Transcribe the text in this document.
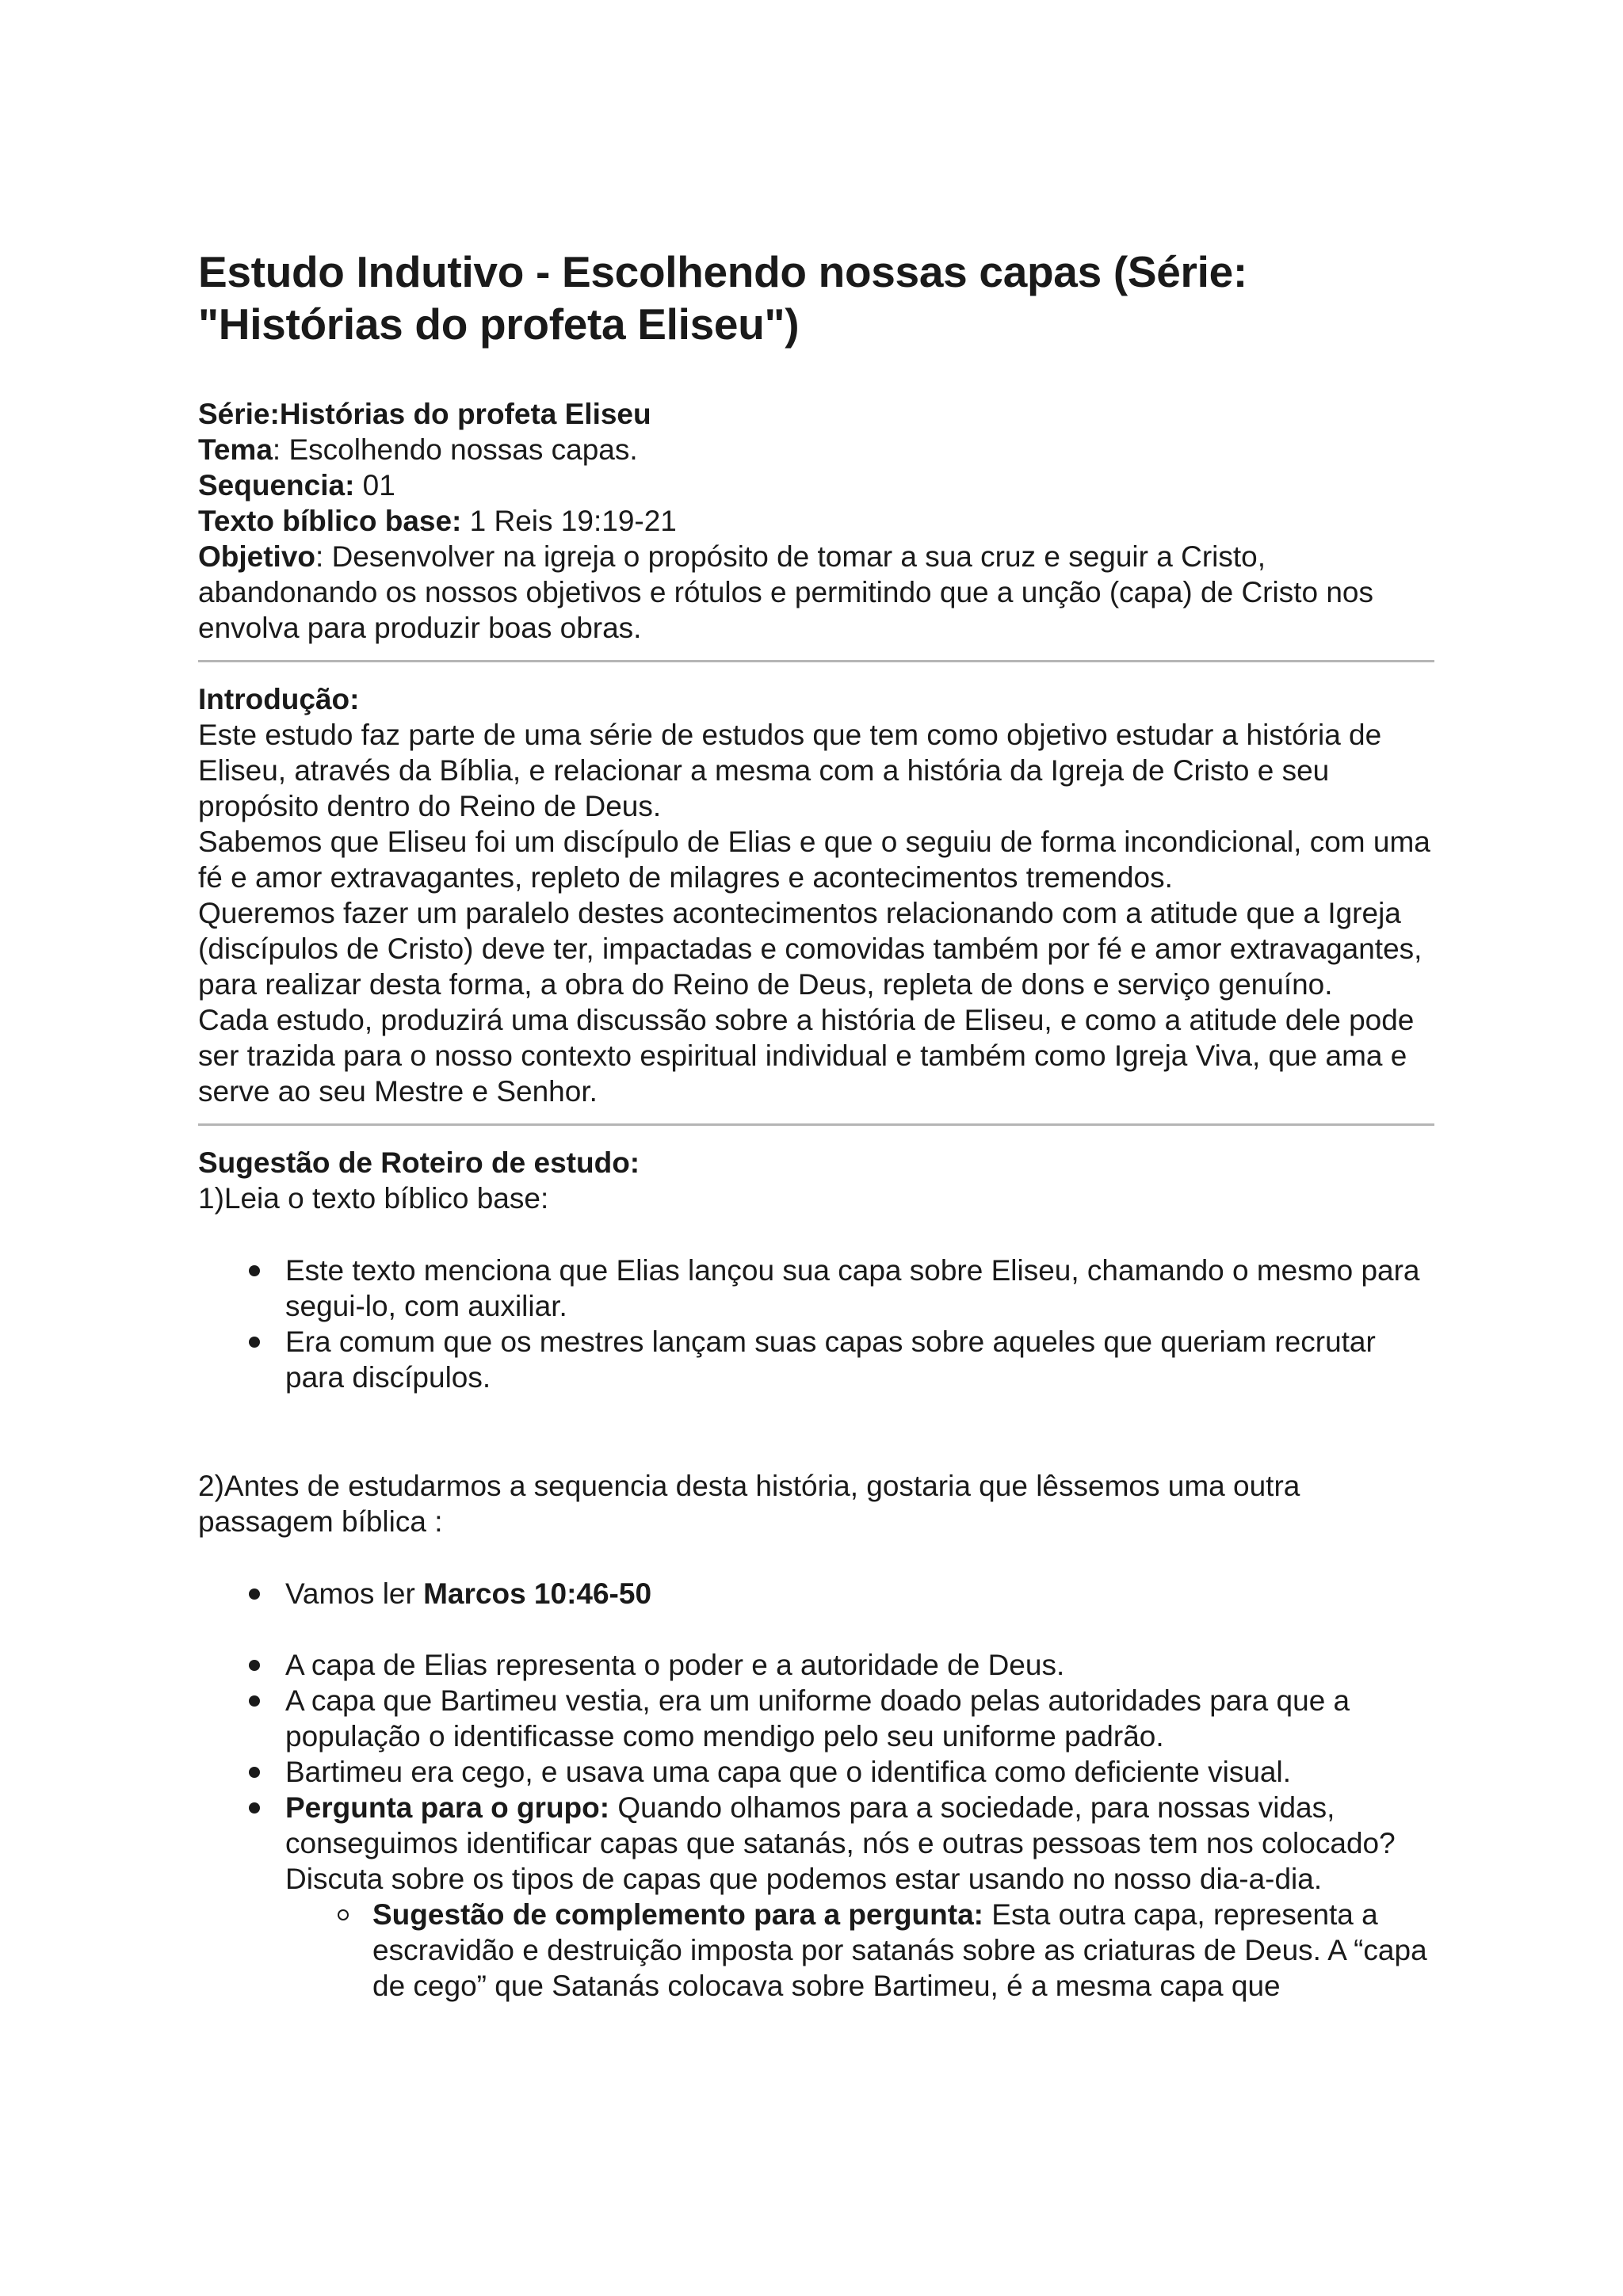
Estudo Indutivo - Escolhendo nossas capas (Série: "Histórias do profeta Eliseu")

Série:Histórias do profeta Eliseu

Tema: Escolhendo nossas capas.

Sequencia: 01

Texto bíblico base: 1 Reis 19:19-21

Objetivo: Desenvolver na igreja o propósito de tomar a sua cruz e seguir a Cristo, abandonando os nossos objetivos e rótulos e permitindo que a unção (capa) de Cristo nos envolva para produzir boas obras.

Introdução:

Este estudo faz parte de uma série de estudos que tem como objetivo estudar a história de Eliseu, através da Bíblia, e relacionar a mesma com a história da Igreja de Cristo e seu propósito dentro do Reino de Deus.

Sabemos que Eliseu foi um discípulo de Elias e que o seguiu de forma incondicional, com uma fé e amor extravagantes, repleto de milagres e acontecimentos tremendos.

Queremos fazer um paralelo destes acontecimentos relacionando com a atitude que a Igreja (discípulos de Cristo) deve ter, impactadas e comovidas também por fé e amor extravagantes, para realizar desta forma, a obra do Reino de Deus, repleta de dons e serviço genuíno.

Cada estudo, produzirá uma discussão sobre a história de Eliseu, e como a atitude dele pode ser trazida para o nosso contexto espiritual individual e também como Igreja Viva, que ama e serve ao seu Mestre e Senhor.

Sugestão de Roteiro de estudo:

1)Leia o texto bíblico base:

Este texto menciona que Elias lançou sua capa sobre Eliseu, chamando o mesmo para segui-lo, com auxiliar.
Era comum que os mestres lançam suas capas sobre aqueles que queriam recrutar para discípulos.

2)Antes de estudarmos a sequencia desta história, gostaria que lêssemos uma outra passagem bíblica :

Vamos ler Marcos 10:46-50
A capa de Elias representa o poder e a autoridade de Deus.
A capa que Bartimeu vestia, era um uniforme doado pelas autoridades para que a população o identificasse como mendigo pelo seu uniforme padrão.
Bartimeu era cego, e usava uma capa que o identifica como deficiente visual.
Pergunta para o grupo: Quando olhamos para a sociedade, para nossas vidas, conseguimos identificar capas que satanás, nós e outras pessoas tem nos colocado? Discuta sobre os tipos de capas que podemos estar usando no nosso dia-a-dia.
Sugestão de complemento para a pergunta: Esta outra capa, representa a escravidão e destruição imposta por satanás sobre as criaturas de Deus. A “capa de cego” que Satanás colocava sobre Bartimeu, é a mesma capa que
